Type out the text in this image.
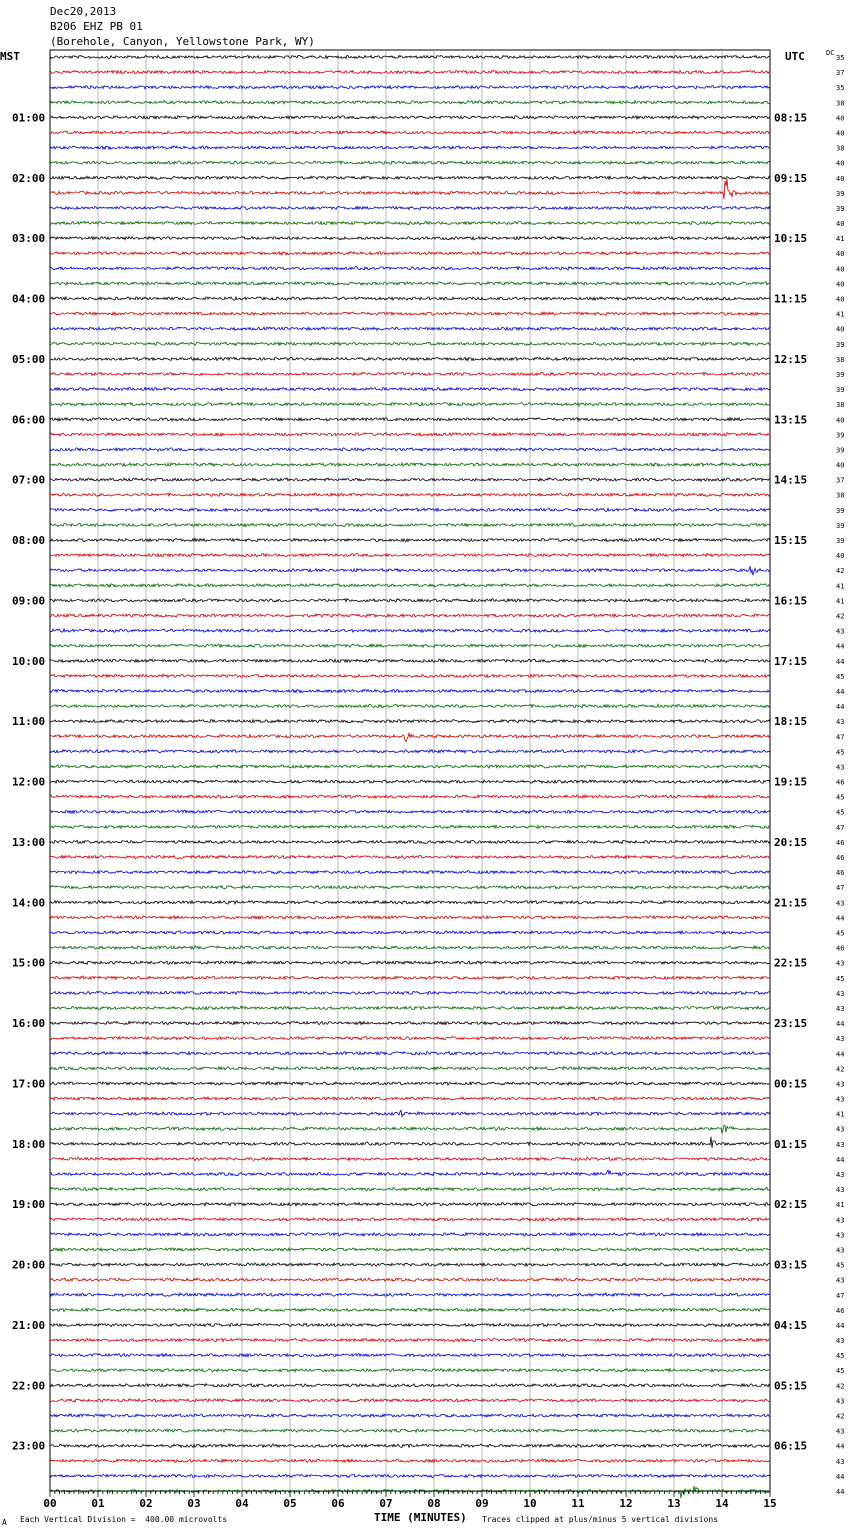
35
37
35
38
40
40
38
40
40
39
39
40
41
40
40
40
40
41
40
39
38
39
39
38
40
39
39
40
37
38
39
39
39
40
42
41
41
42
43
44
44
45
44
44
43
47
45
43
46
45
45
47
46
46
46
47
43
44
45
46
43
45
43
43
44
43
44
42
43
43
41
43
43
44
43
43
41
43
43
43
45
43
47
46
44
43
45
45
42
43
42
43
44
43
44
44
01:00	08:15
02:00	09:15
03:00	10:15
04:00	11:15
05:00	12:15
06:00	13:15
07:00	14:15
08:00	15:15
09:00	16:15
10:00	17:15
11:00	18:15
12:00	19:15
13:00	20:15
14:00	21:15
15:00	22:15
16:00	23:15
17:00	00:15
18:00	01:15
19:00	02:15
20:00	03:15
21:00	04:15
22:00	05:15
23:00	06:15
00	01	02	03	04	05	06	07	08	09	10	11	12	13	14	15
Dec20,2013
B206 EHZ PB 01
(Borehole, Canyon, Yellowstone Park, WY)
MST	UTC	DC
A Each Vertical Division =  400.00 microvolts	TIME (MINUTES) Traces clipped at plus/minus 5 vertical divisions
